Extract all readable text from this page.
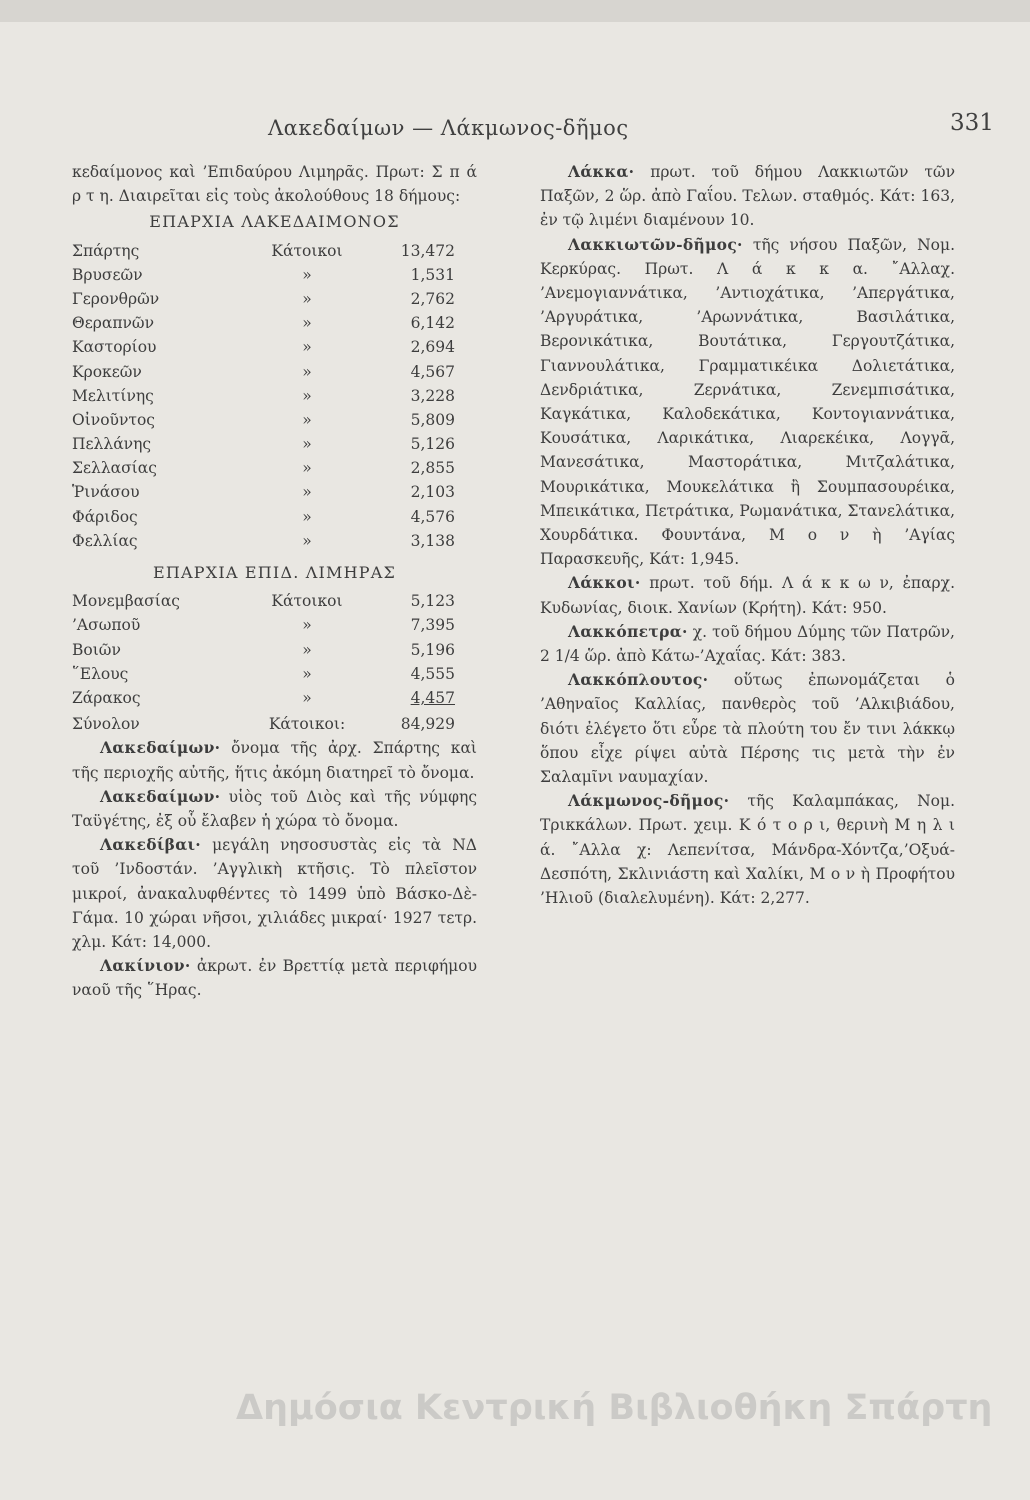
Λακεδαίμων — Λάκμωνος-δῆμος	331

κεδαίμονος καὶ ’Επιδαύρου Λιμηρᾶς. Πρωτ: Σ π ά ρ τ η. Διαιρεῖται εἰς τοὺς ἀκολούθους 18 δήμους:

ΕΠΑΡΧΙΑ ΛΑΚΕΔΑΙΜΟΝΟΣ
Σπάρτης	Κάτοικοι	13,472
Βρυσεῶν	»	1,531
Γερονθρῶν	»	2,762
Θεραπνῶν	»	6,142
Καστορίου	»	2,694
Κροκεῶν	»	4,567
Μελιτίνης	»	3,228
Οἰνοῦντος	»	5,809
Πελλάνης	»	5,126
Σελλασίας	»	2,855
Ῥινάσου	»	2,103
Φάριδος	»	4,576
Φελλίας	»	3,138
ΕΠΑΡΧΙΑ ΕΠΙΔ. ΛΙΜΗΡΑΣ
Μονεμβασίας	Κάτοικοι	5,123
’Ασωποῦ	»	7,395
Βοιῶν	»	5,196
῞Ελους	»	4,555
Ζάρακος	»	4,457
Σύνολον	Κάτοικοι:	84,929

Λακεδαίμων· ὄνομα τῆς ἀρχ. Σπάρτης καὶ τῆς περιοχῆς αὐτῆς, ἥτις ἀκόμη διατηρεῖ τὸ ὄνομα.

Λακεδαίμων· υἱὸς τοῦ Διὸς καὶ τῆς νύμφης Ταϋγέτης, ἐξ οὗ ἔλαβεν ἡ χώρα τὸ ὄνομα.

Λακεδίβαι· μεγάλη νησοσυστὰς εἰς τὰ ΝΔ τοῦ ’Ινδοστάν. ’Αγγλικὴ κτῆσις. Τὸ πλεῖστον μικροί, ἀνακαλυφθέντες τὸ 1499 ὑπὸ Βάσκο-Δὲ-Γάμα. 10 χώραι νῆσοι, χιλιάδες μικραί· 1927 τετρ. χλμ. Κάτ: 14,000.

Λακίνιον· ἀκρωτ. ἐν Βρεττίᾳ μετὰ περιφήμου ναοῦ τῆς ῞Ηρας.

Λάκκα· πρωτ. τοῦ δήμου Λακκιωτῶν τῶν Παξῶν, 2 ὥρ. ἀπὸ Γαΐου. Τελων. σταθμός. Κάτ: 163, ἐν τῷ λιμένι διαμένουν 10.

Λακκιωτῶν-δῆμος· τῆς νήσου Παξῶν, Νομ. Κερκύρας. Πρωτ. Λ ά κ κ α. ῎Αλλαχ. ’Ανεμογιαννάτικα, ’Αντιοχάτικα, ’Απεργάτικα, ’Αργυράτικα, ’Αρωννάτικα, Βασιλάτικα, Βερονικάτικα, Βουτάτικα, Γεργουτζάτικα, Γιαννουλάτικα, Γραμματικέικα Δολιετάτικα, Δενδριάτικα, Ζερνάτικα, Ζενεμπισάτικα, Καγκάτικα, Καλοδεκάτικα, Κοντογιαννάτικα, Κουσάτικα, Λαρικάτικα, Λιαρεκέικα, Λογγᾶ, Μανεσάτικα, Μαστοράτικα, Μιτζαλάτικα, Μουρικάτικα, Μουκελάτικα ἢ Σουμπασουρέικα, Μπεικάτικα, Πετράτικα, Ρωμανάτικα, Στανελάτικα, Χουρδάτικα. Φουντάνα, Μ ο ν ὴ ’Αγίας Παρασκευῆς, Κάτ: 1,945.

Λάκκοι· πρωτ. τοῦ δήμ. Λ ά κ κ ω ν, ἐπαρχ. Κυδωνίας, διοικ. Χανίων (Κρήτη). Κάτ: 950.

Λακκόπετρα· χ. τοῦ δήμου Δύμης τῶν Πατρῶν, 2 1/4 ὥρ. ἀπὸ Κάτω-’Αχαΐας. Κάτ: 383.

Λακκόπλουτος· οὕτως ἐπωνομάζεται ὁ ’Αθηναῖος Καλλίας, πανθερὸς τοῦ ’Αλκιβιάδου, διότι ἐλέγετο ὅτι εὗρε τὰ πλούτη του ἔν τινι λάκκῳ ὅπου εἶχε ρίψει αὐτὰ Πέρσης τις μετὰ τὴν ἐν Σαλαμῖνι ναυμαχίαν.

Λάκμωνος-δῆμος· τῆς Καλαμπάκας, Νομ. Τρικκάλων. Πρωτ. χειμ. Κ ό τ ο ρ ι, θερινὴ Μ η λ ι ά. ῎Αλλα χ: Λεπενίτσα, Μάνδρα-Χόντζα,’Οξυά-Δεσπότη, Σκλινιάστη καὶ Χαλίκι, Μ ο ν ὴ Προφήτου ’Ηλιοῦ (διαλελυμένη). Κάτ: 2,277.

Δημόσια Κεντρική Βιβλιοθήκη Σπάρτη
